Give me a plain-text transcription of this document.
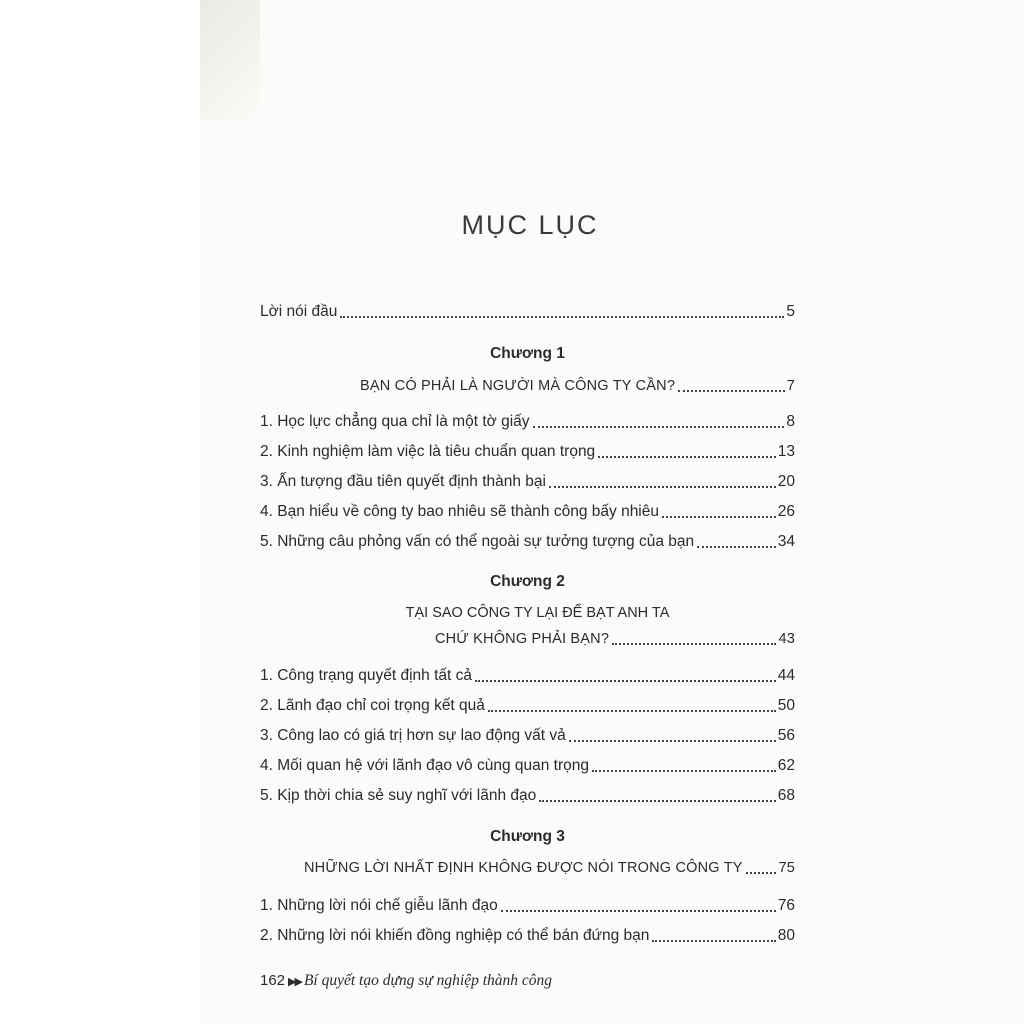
MỤC LỤC
Lời nói đầu	5
Chương 1
BẠN CÓ PHẢI LÀ NGƯỜI MÀ CÔNG TY CẦN?	7
1. Học lực chẳng qua chỉ là một tờ giấy	8
2. Kinh nghiệm làm việc là tiêu chuẩn quan trọng	13
3. Ấn tượng đầu tiên quyết định thành bại	20
4. Bạn hiểu về công ty bao nhiêu sẽ thành công bấy nhiêu	26
5. Những câu phỏng vấn có thể ngoài sự tưởng tượng của bạn	34
Chương 2
TẠI SAO CÔNG TY LẠI ĐỂ BẠT ANH TA
CHỨ KHÔNG PHẢI BẠN?	43
1. Công trạng quyết định tất cả	44
2. Lãnh đạo chỉ coi trọng kết quả	50
3. Công lao có giá trị hơn sự lao động vất vả	56
4. Mối quan hệ với lãnh đạo vô cùng quan trọng	62
5. Kịp thời chia sẻ suy nghĩ với lãnh đạo	68
Chương 3
NHỮNG LỜI NHẤT ĐỊNH KHÔNG ĐƯỢC NÓI TRONG CÔNG TY 75
1. Những lời nói chế giễu lãnh đạo	76
2. Những lời nói khiến đồng nghiệp có thể bán đứng bạn	80
162 ▶▶ Bí quyết tạo dựng sự nghiệp thành công
